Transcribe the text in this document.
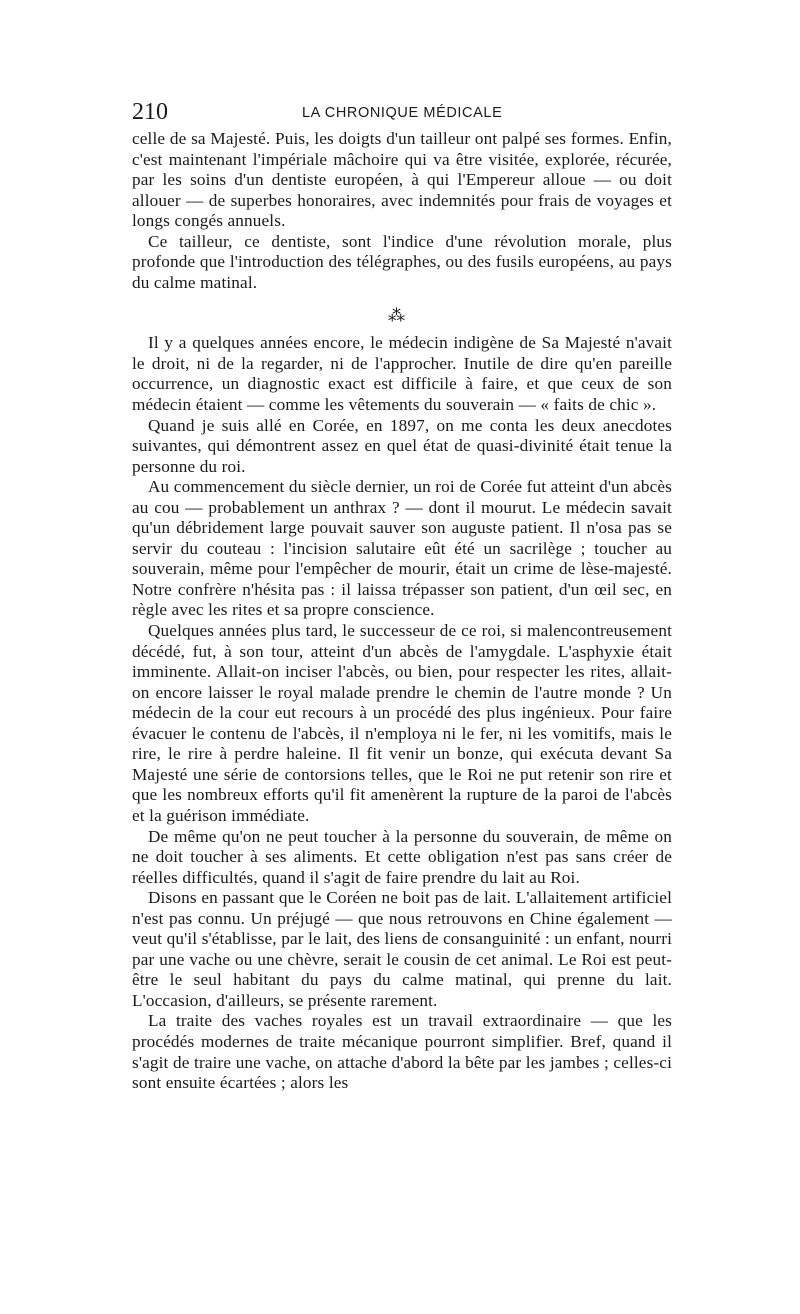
210	LA CHRONIQUE MÉDICALE

celle de sa Majesté. Puis, les doigts d'un tailleur ont palpé ses formes. Enfin, c'est maintenant l'impériale mâchoire qui va être visitée, explorée, récurée, par les soins d'un dentiste européen, à qui l'Empereur alloue — ou doit allouer — de superbes honoraires, avec indemnités pour frais de voyages et longs congés annuels.

Ce tailleur, ce dentiste, sont l'indice d'une révolution morale, plus profonde que l'introduction des télégraphes, ou des fusils européens, au pays du calme matinal.

⁂

Il y a quelques années encore, le médecin indigène de Sa Majesté n'avait le droit, ni de la regarder, ni de l'approcher. Inutile de dire qu'en pareille occurrence, un diagnostic exact est difficile à faire, et que ceux de son médecin étaient — comme les vêtements du souverain — « faits de chic ».

Quand je suis allé en Corée, en 1897, on me conta les deux anecdotes suivantes, qui démontrent assez en quel état de quasi-divinité était tenue la personne du roi.

Au commencement du siècle dernier, un roi de Corée fut atteint d'un abcès au cou — probablement un anthrax ? — dont il mourut. Le médecin savait qu'un débridement large pouvait sauver son auguste patient. Il n'osa pas se servir du couteau : l'incision salutaire eût été un sacrilège ; toucher au souverain, même pour l'empêcher de mourir, était un crime de lèse-majesté. Notre confrère n'hésita pas : il laissa trépasser son patient, d'un œil sec, en règle avec les rites et sa propre conscience.

Quelques années plus tard, le successeur de ce roi, si malencontreusement décédé, fut, à son tour, atteint d'un abcès de l'amygdale. L'asphyxie était imminente. Allait-on inciser l'abcès, ou bien, pour respecter les rites, allait-on encore laisser le royal malade prendre le chemin de l'autre monde ? Un médecin de la cour eut recours à un procédé des plus ingénieux. Pour faire évacuer le contenu de l'abcès, il n'employa ni le fer, ni les vomitifs, mais le rire, le rire à perdre haleine. Il fit venir un bonze, qui exécuta devant Sa Majesté une série de contorsions telles, que le Roi ne put retenir son rire et que les nombreux efforts qu'il fit amenèrent la rupture de la paroi de l'abcès et la guérison immédiate.

De même qu'on ne peut toucher à la personne du souverain, de même on ne doit toucher à ses aliments. Et cette obligation n'est pas sans créer de réelles difficultés, quand il s'agit de faire prendre du lait au Roi.

Disons en passant que le Coréen ne boit pas de lait. L'allaitement artificiel n'est pas connu. Un préjugé — que nous retrouvons en Chine également — veut qu'il s'établisse, par le lait, des liens de consanguinité : un enfant, nourri par une vache ou une chèvre, serait le cousin de cet animal. Le Roi est peut-être le seul habitant du pays du calme matinal, qui prenne du lait. L'occasion, d'ailleurs, se présente rarement.

La traite des vaches royales est un travail extraordinaire — que les procédés modernes de traite mécanique pourront simplifier. Bref, quand il s'agit de traire une vache, on attache d'abord la bête par les jambes ; celles-ci sont ensuite écartées ; alors les
